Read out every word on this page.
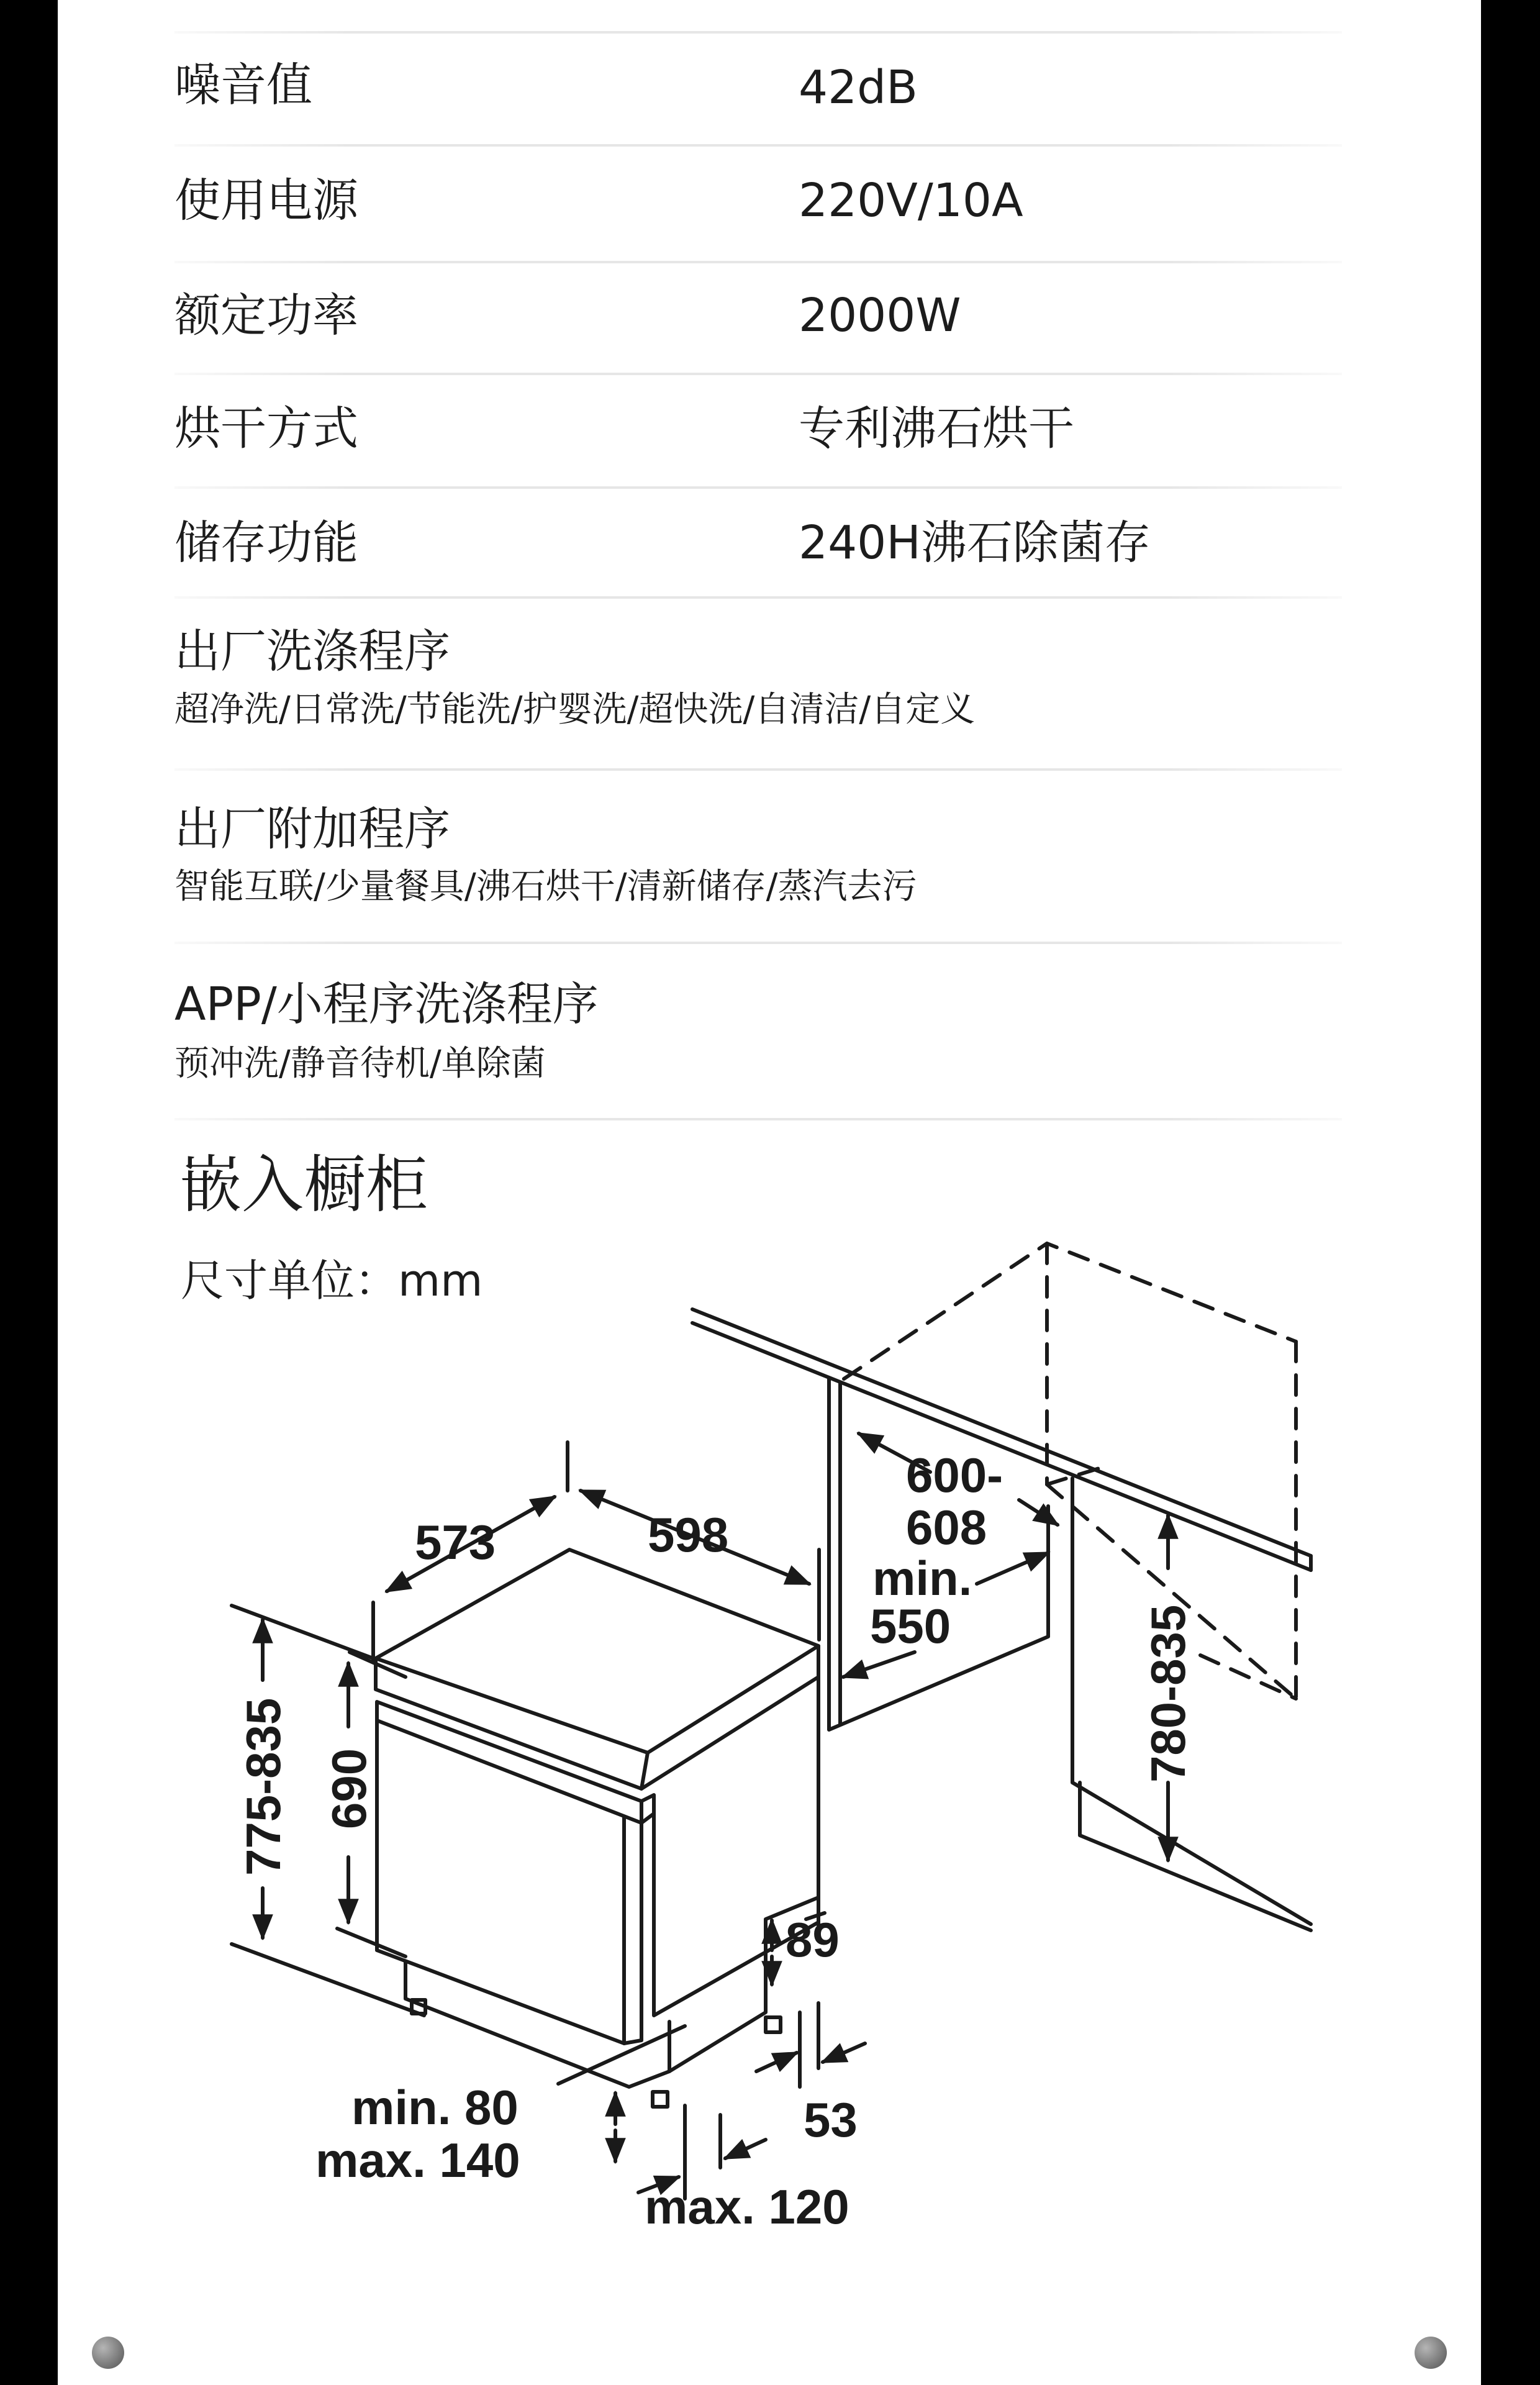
噪音值	42dB
使用电源	220V/10A
额定功率	2000W
烘干方式	专利沸石烘干
储存功能	240H沸石除菌存
出厂洗涤程序
超净洗/日常洗/节能洗/护婴洗/超快洗/自清洁/自定义
出厂附加程序
智能互联/少量餐具/沸石烘干/清新储存/蒸汽去污
APP/小程序洗涤程序
预冲洗/静音待机/单除菌
嵌入橱柜
尺寸单位：mm
573	598
775-835 690
600-
608
min.
550	780-835
89
53
min. 80
max. 140
max. 120
